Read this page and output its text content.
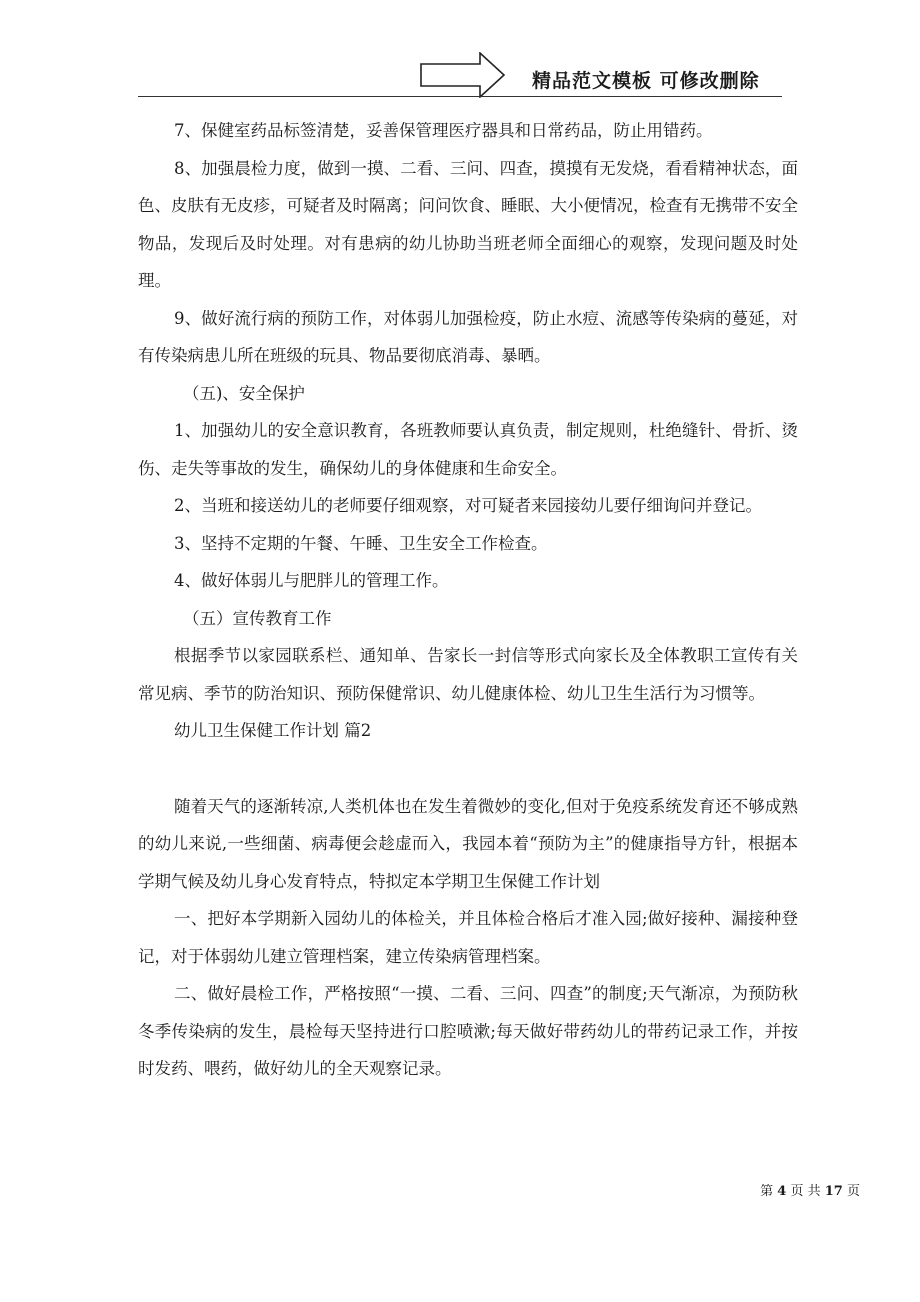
精品范文模板 可修改删除

7、保健室药品标签清楚，妥善保管理医疗器具和日常药品，防止用错药。

8、加强晨检力度，做到一摸、二看、三问、四查，摸摸有无发烧，看看精神状态，面色、皮肤有无皮疹，可疑者及时隔离；问问饮食、睡眠、大小便情况，检查有无携带不安全物品，发现后及时处理。对有患病的幼儿协助当班老师全面细心的观察，发现问题及时处理。

9、做好流行病的预防工作，对体弱儿加强检疫，防止水痘、流感等传染病的蔓延，对有传染病患儿所在班级的玩具、物品要彻底消毒、暴晒。

（五)、安全保护

1、加强幼儿的安全意识教育，各班教师要认真负责，制定规则，杜绝缝针、骨折、烫伤、走失等事故的发生，确保幼儿的身体健康和生命安全。

2、当班和接送幼儿的老师要仔细观察，对可疑者来园接幼儿要仔细询问并登记。

3、坚持不定期的午餐、午睡、卫生安全工作检查。

4、做好体弱儿与肥胖儿的管理工作。

（五）宣传教育工作

根据季节以家园联系栏、通知单、告家长一封信等形式向家长及全体教职工宣传有关常见病、季节的防治知识、预防保健常识、幼儿健康体检、幼儿卫生生活行为习惯等。

幼儿卫生保健工作计划 篇2

随着天气的逐渐转凉,人类机体也在发生着微妙的变化,但对于免疫系统发育还不够成熟的幼儿来说,一些细菌、病毒便会趁虚而入，我园本着“预防为主”的健康指导方针，根据本学期气候及幼儿身心发育特点，特拟定本学期卫生保健工作计划

一、把好本学期新入园幼儿的体检关，并且体检合格后才准入园;做好接种、漏接种登记，对于体弱幼儿建立管理档案，建立传染病管理档案。

二、做好晨检工作，严格按照“一摸、二看、三问、四查”的制度;天气渐凉，为预防秋冬季传染病的发生，晨检每天坚持进行口腔喷漱;每天做好带药幼儿的带药记录工作，并按时发药、喂药，做好幼儿的全天观察记录。

第 4 页 共 17 页
